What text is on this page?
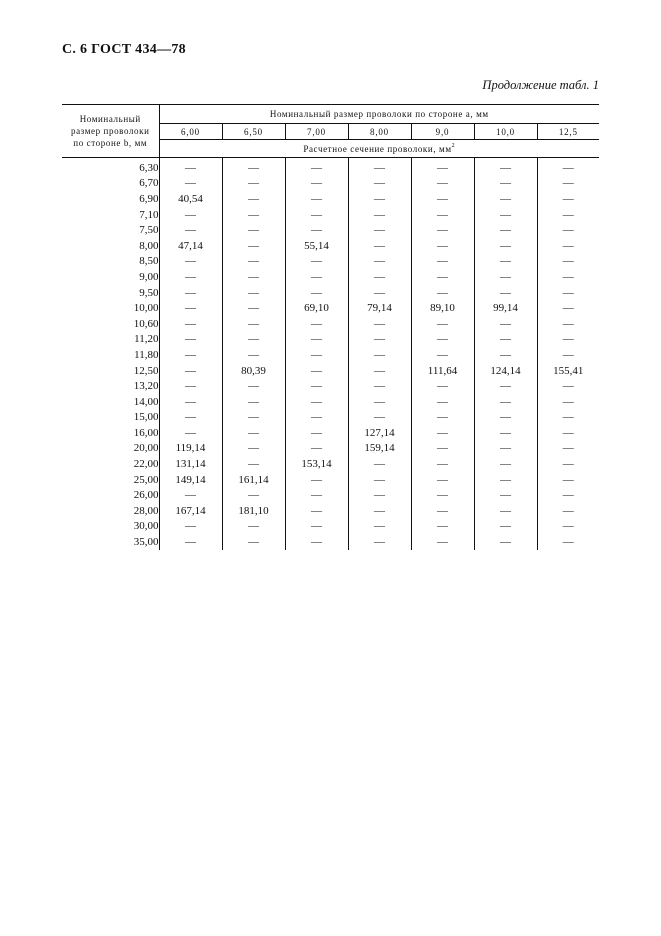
С. 6 ГОСТ 434—78
Продолжение табл. 1
Номинальный
размер проволоки
по стороне b, мм	Номинальный размер проволоки по стороне a, мм						
	6,00	6,50	7,00	8,00	9,0	10,0	12,5
	Расчетное сечение проволоки, $мм^2$

6,30	—	—	—	—	—	—	—
6,70	—	—	—	—	—	—	—
6,90	40,54	—	—	—	—	—	—
7,10	—	—	—	—	—	—	—
7,50	—	—	—	—	—	—	—
8,00	47,14	—	55,14	—	—	—	—
8,50	—	—	—	—	—	—	—
9,00	—	—	—	—	—	—	—
9,50	—	—	—	—	—	—	—
10,00	—	—	69,10	79,14	89,10	99,14	—
10,60	—	—	—	—	—	—	—
11,20	—	—	—	—	—	—	—
11,80	—	—	—	—	—	—	—
12,50	—	80,39	—	—	111,64	124,14	155,41
13,20	—	—	—	—	—	—	—
14,00	—	—	—	—	—	—	—
15,00	—	—	—	—	—	—	—
16,00	—	—	—	127,14	—	—	—
20,00	119,14	—	—	159,14	—	—	—
22,00	131,14	—	153,14	—	—	—	—
25,00	149,14	161,14	—	—	—	—	—
26,00	—	—	—	—	—	—	—
28,00	167,14	181,10	—	—	—	—	—
30,00	—	—	—	—	—	—	—
35,00	—	—	—	—	—	—	—
